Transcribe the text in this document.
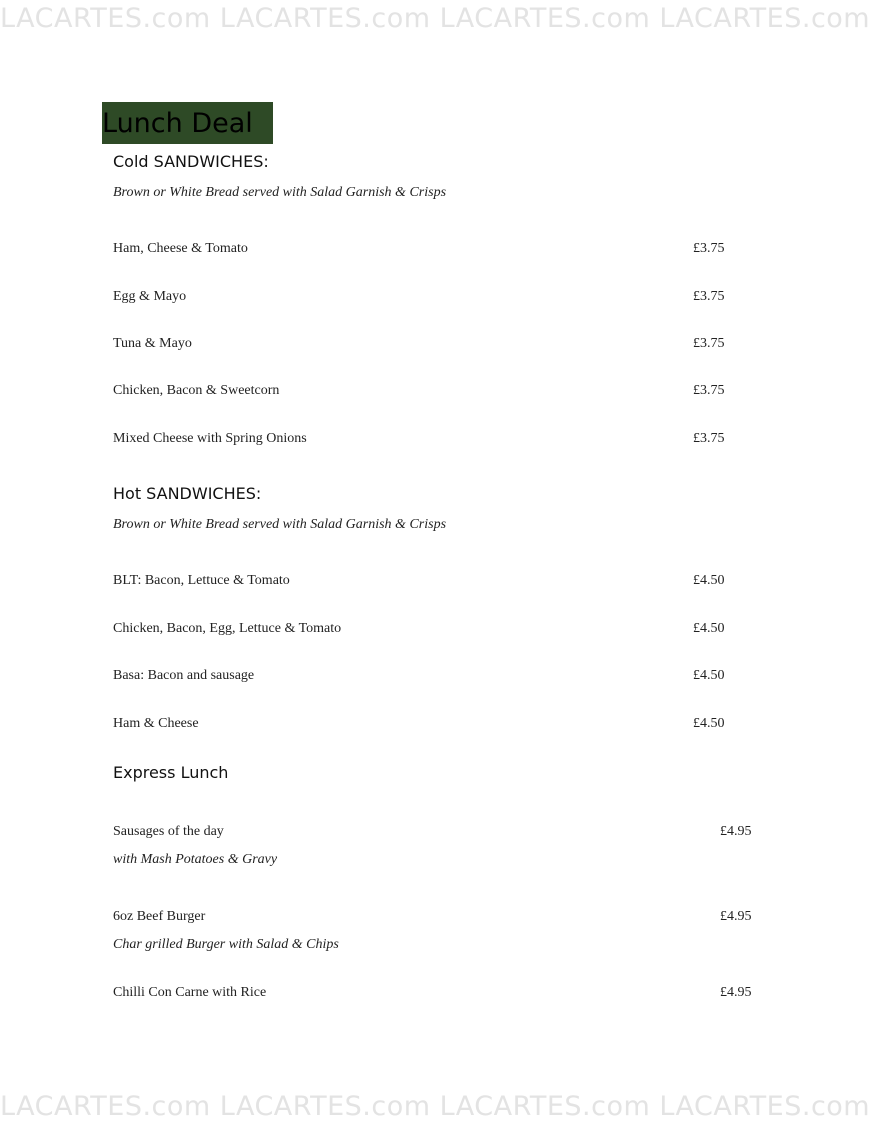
LACARTES.com LACARTES.com LACARTES.com LACARTES.com
Lunch Deal
Cold SANDWICHES:
Brown or White Bread served with Salad Garnish & Crisps
Ham, Cheese & Tomato	£3.75
Egg & Mayo	£3.75
Tuna & Mayo	£3.75
Chicken, Bacon & Sweetcorn	£3.75
Mixed Cheese with Spring Onions	£3.75
Hot SANDWICHES:
Brown or White Bread served with Salad Garnish & Crisps
BLT: Bacon, Lettuce & Tomato	£4.50
Chicken, Bacon, Egg, Lettuce & Tomato	£4.50
Basa: Bacon and sausage	£4.50
Ham & Cheese	£4.50
Express Lunch
Sausages of the day	£4.95
with Mash Potatoes & Gravy
6oz Beef Burger	£4.95
Char grilled Burger with Salad & Chips
Chilli Con Carne with Rice	£4.95
LACARTES.com LACARTES.com LACARTES.com LACARTES.com
